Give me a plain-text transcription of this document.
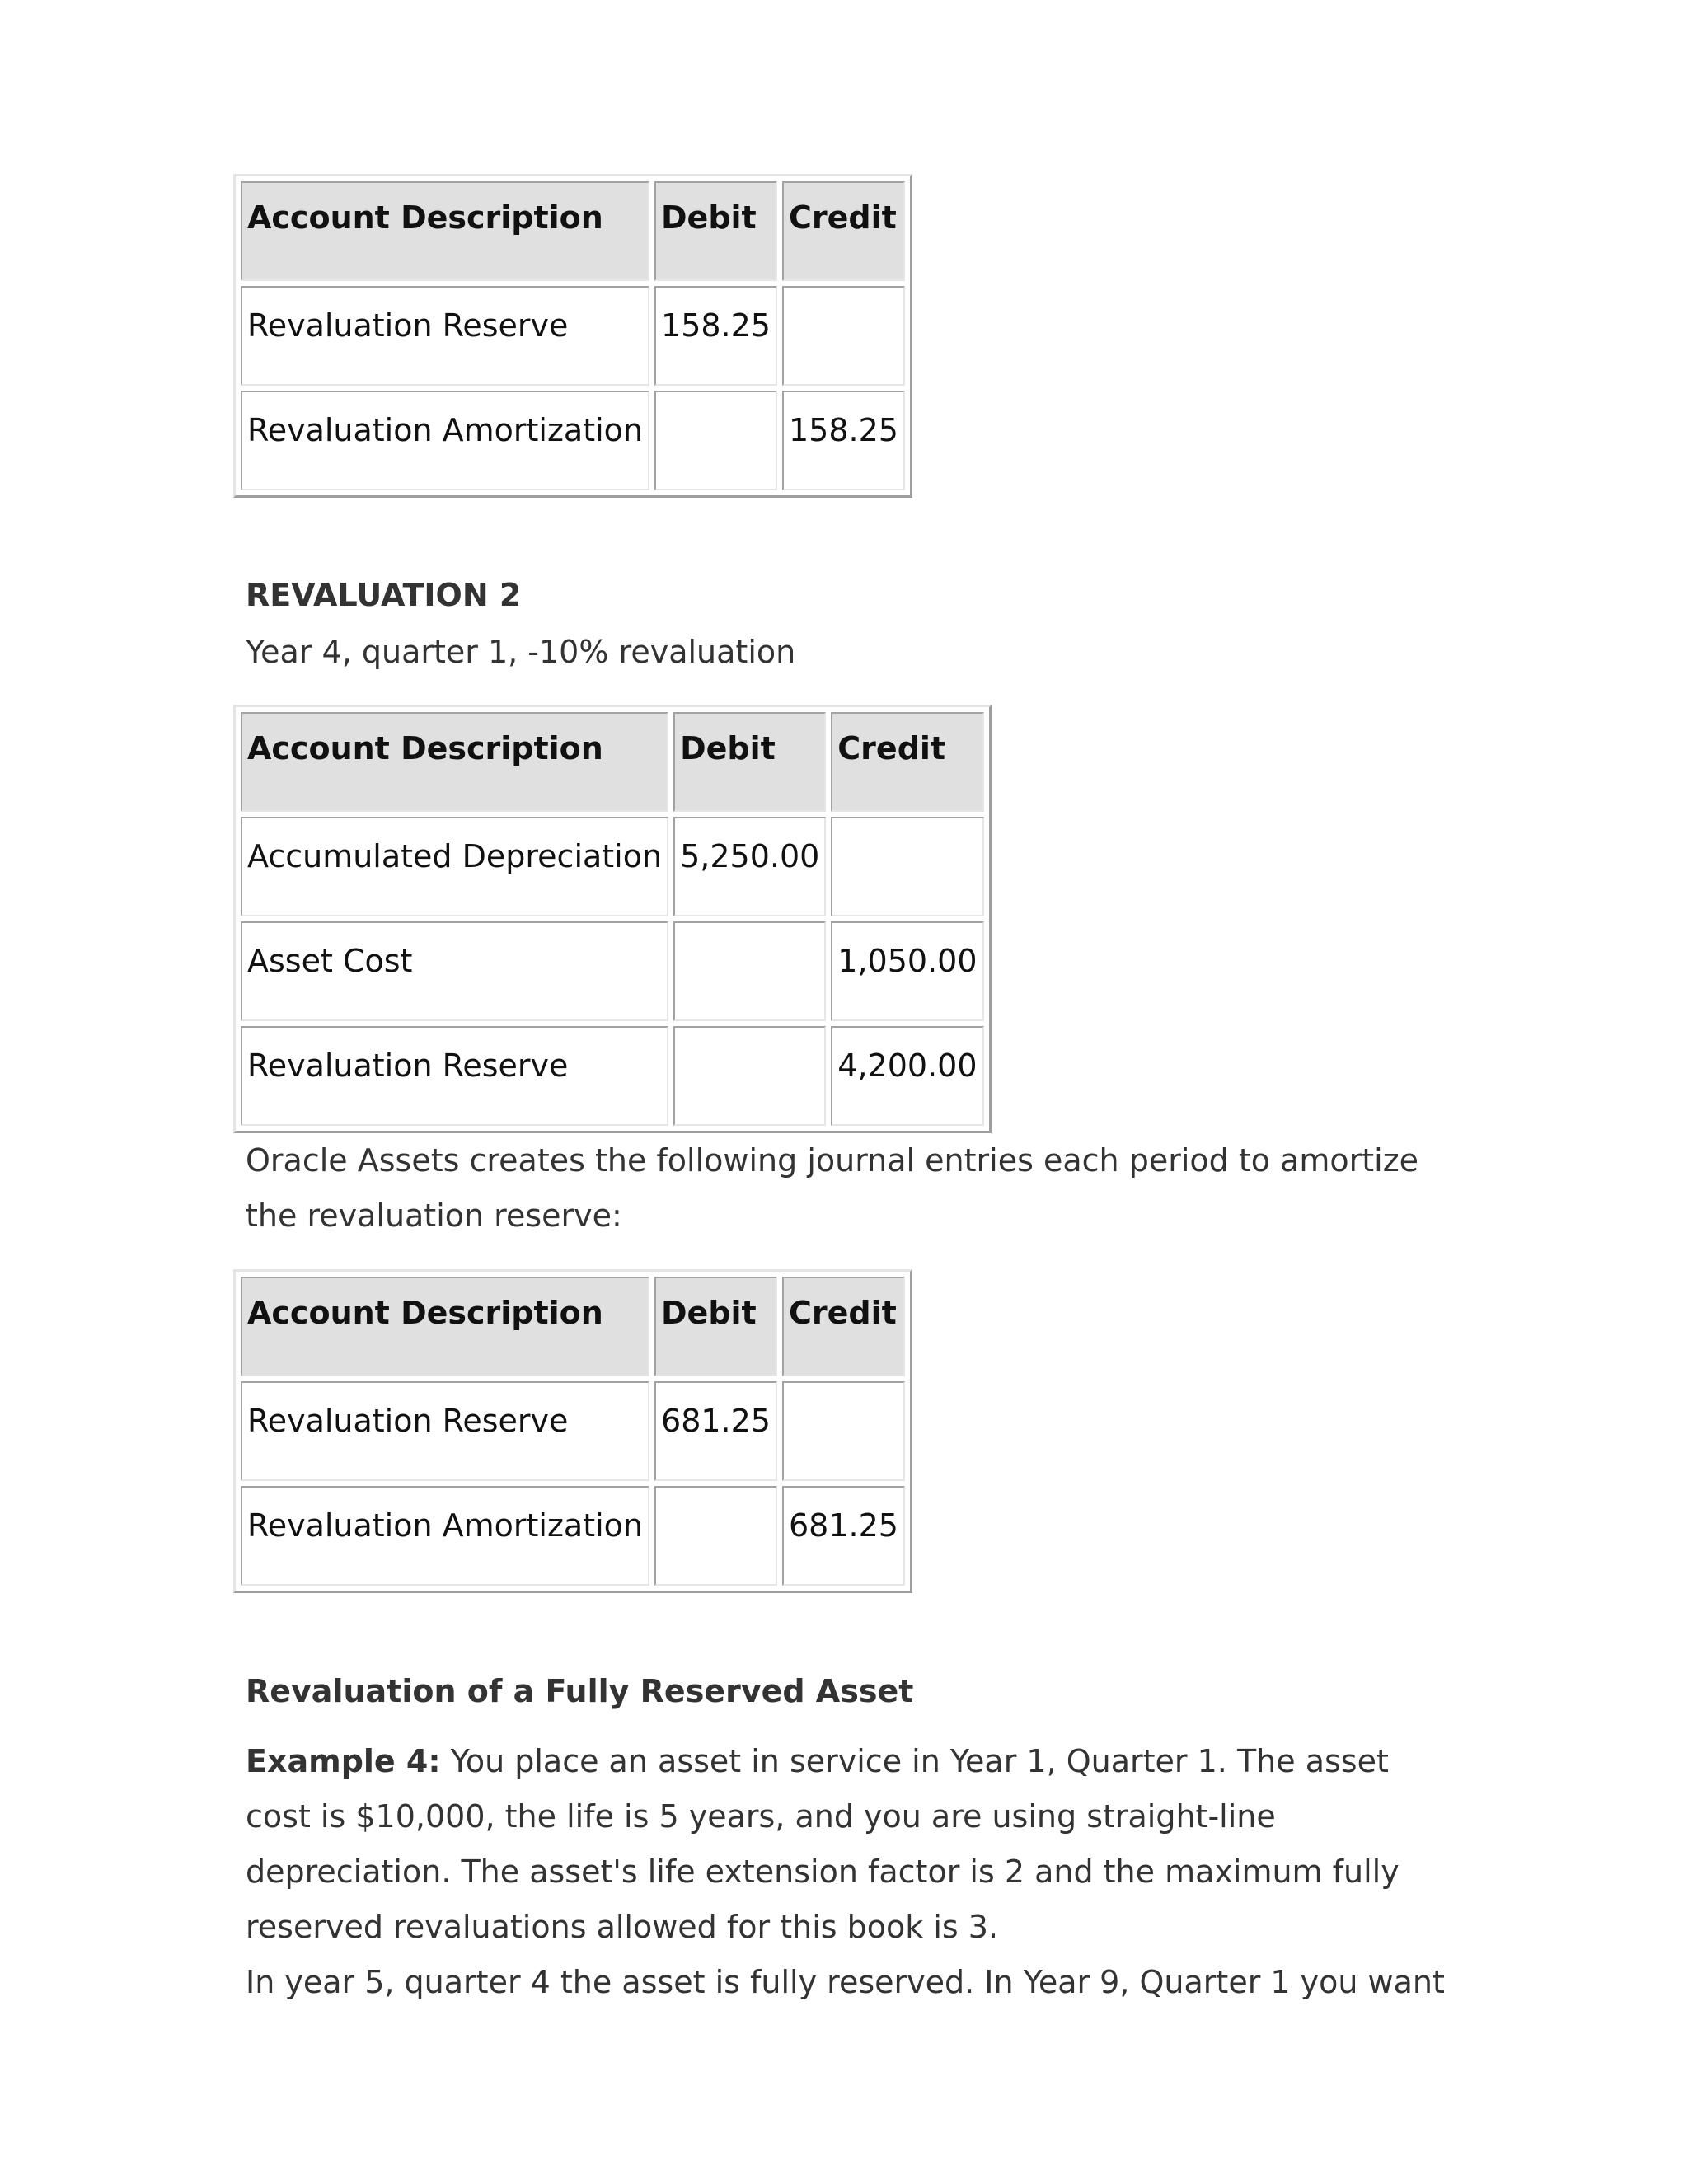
Account Description	Debit	Credit
Revaluation Reserve	158.25	
Revaluation Amortization		158.25
REVALUATION 2
Year 4, quarter 1, -10% revaluation
Account Description	Debit	Credit
Accumulated Depreciation	5,250.00	
Asset Cost		1,050.00
Revaluation Reserve		4,200.00
Oracle Assets creates the following journal entries each period to amortize
the revaluation reserve:
Account Description	Debit	Credit
Revaluation Reserve	681.25	
Revaluation Amortization		681.25
Revaluation of a Fully Reserved Asset
Example 4: You place an asset in service in Year 1, Quarter 1. The asset
cost is $10,000, the life is 5 years, and you are using straight-line
depreciation. The asset's life extension factor is 2 and the maximum fully
reserved revaluations allowed for this book is 3.
In year 5, quarter 4 the asset is fully reserved. In Year 9, Quarter 1 you want
